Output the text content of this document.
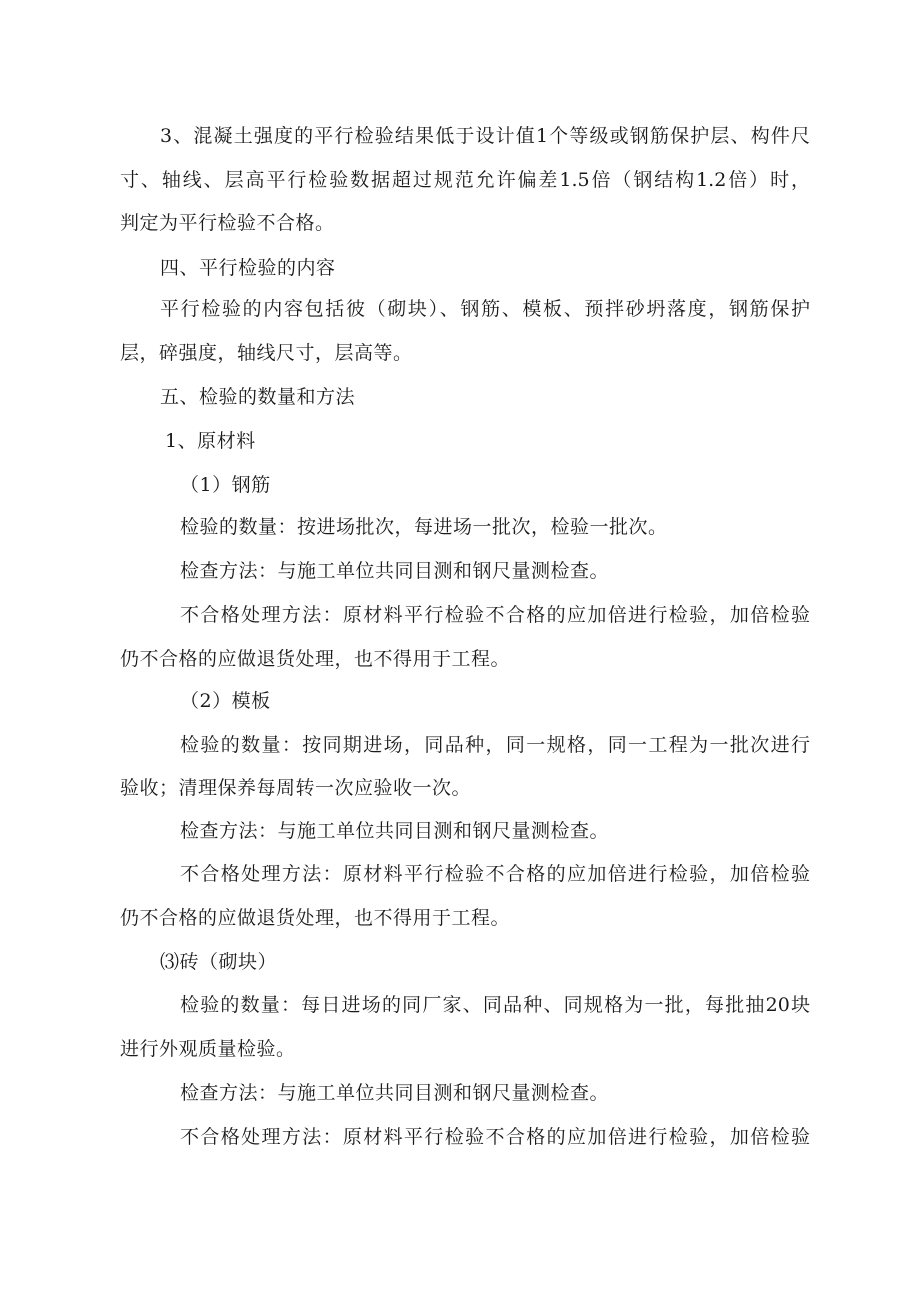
3、混凝土强度的平行检验结果低于设计值1个等级或钢筋保护层、构件尺
寸、轴线、层高平行检验数据超过规范允许偏差1.5倍（钢结构1.2倍）时，
判定为平行检验不合格。
四、平行检验的内容
平行检验的内容包括彼（砌块）、钢筋、模板、预拌砂坍落度，钢筋保护
层，碎强度，轴线尺寸，层高等。
五、检验的数量和方法
1、原材料
（1）钢筋
检验的数量：按进场批次，每进场一批次，检验一批次。
检查方法：与施工单位共同目测和钢尺量测检查。
不合格处理方法：原材料平行检验不合格的应加倍进行检验，加倍检验
仍不合格的应做退货处理，也不得用于工程。
（2）模板
检验的数量：按同期进场，同品种，同一规格，同一工程为一批次进行
验收；清理保养每周转一次应验收一次。
检查方法：与施工单位共同目测和钢尺量测检查。
不合格处理方法：原材料平行检验不合格的应加倍进行检验，加倍检验
仍不合格的应做退货处理，也不得用于工程。
⑶砖（砌块）
检验的数量：每日进场的同厂家、同品种、同规格为一批，每批抽20块
进行外观质量检验。
检查方法：与施工单位共同目测和钢尺量测检查。
不合格处理方法：原材料平行检验不合格的应加倍进行检验，加倍检验
